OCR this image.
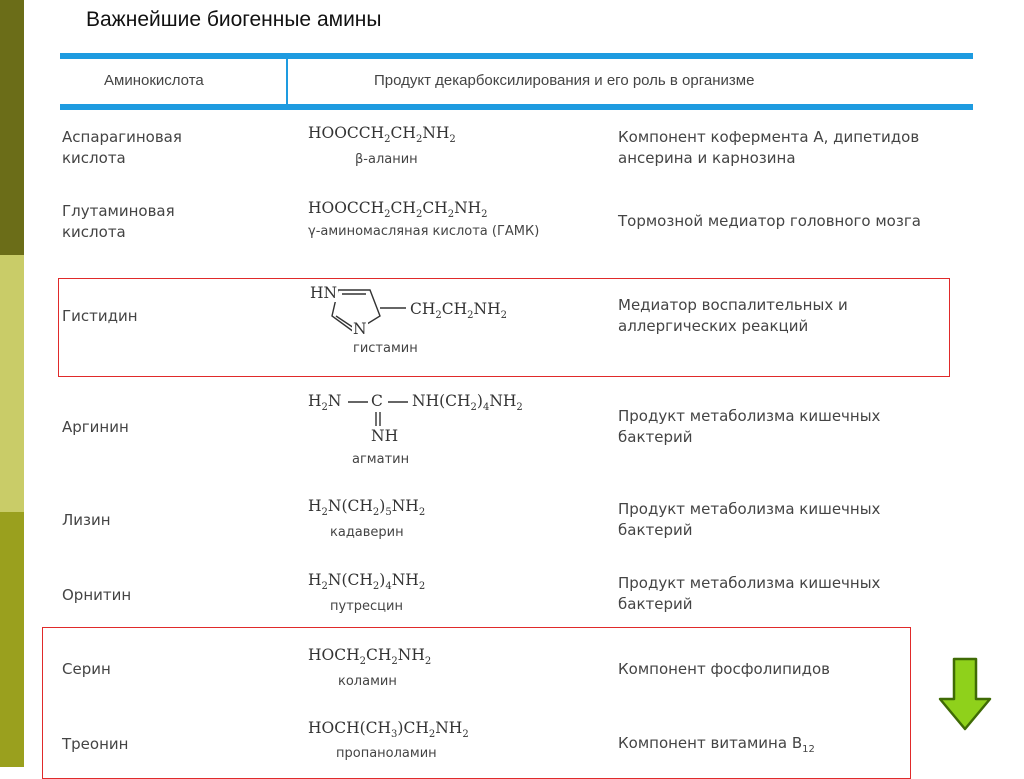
Важнейшие биогенные амины
Аминокислота	Продукт декарбоксилирования и его роль в организме
Аспарагиновая
кислота
$HOOCCH_2CH_2NH_2$
β-аланин
Компонент кофермента А, дипетидов
ансерина и карнозина
Глутаминовая
кислота
$HOOCCH_2CH_2CH_2NH_2$
γ-аминомасляная кислота (ГАМК)
Тормозной медиатор головного мозга
Гистидин
HN
N
$CH_2CH_2NH_2$
гистамин
Медиатор воспалительных и
аллергических реакций
Аргинин
$H_2N$ C $NH(CH_2)_4NH_2$
NH
агматин
Продукт метаболизма кишечных
бактерий
Лизин
$H_2N(CH_2)_5NH_2$
кадаверин
Продукт метаболизма кишечных
бактерий
Орнитин
$H_2N(CH_2)_4NH_2$
путресцин
Продукт метаболизма кишечных
бактерий
Серин
$HOCH_2CH_2NH_2$
коламин
Компонент фосфолипидов
Треонин
$HOCH(CH_3)CH_2NH_2$
пропаноламин
Компонент витамина $B_{12}$
